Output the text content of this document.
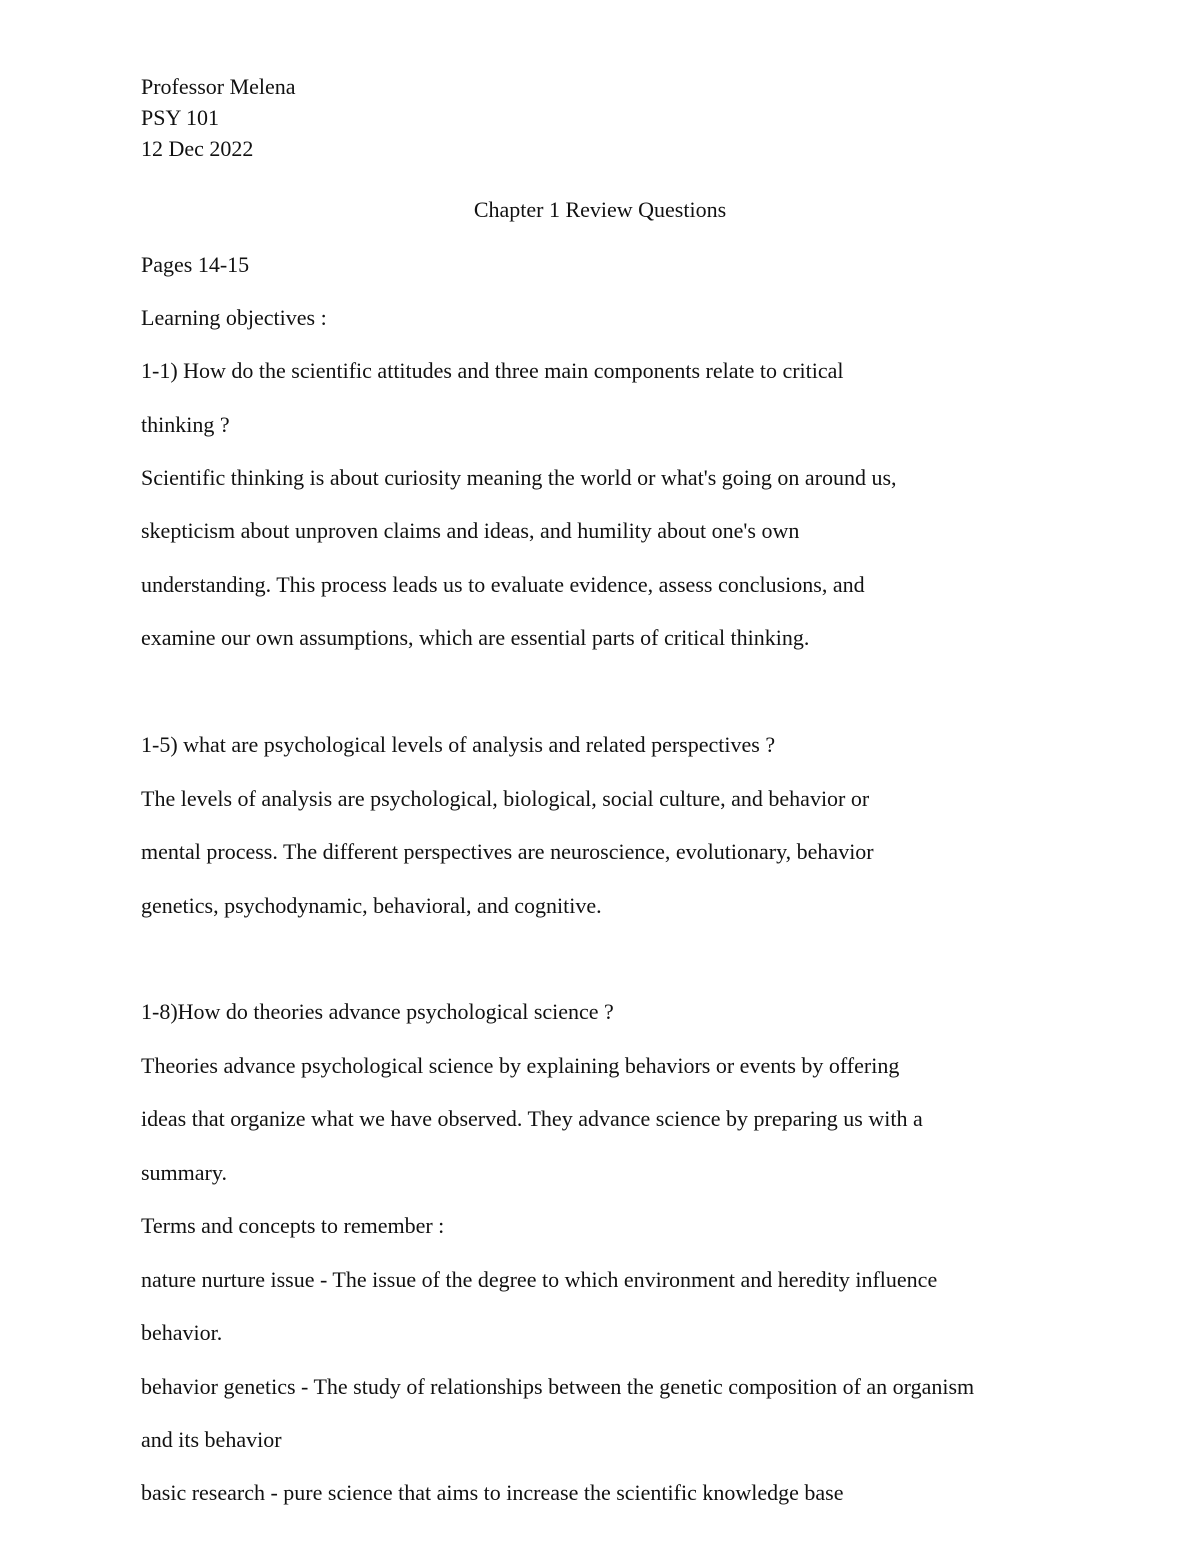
Professor Melena
PSY 101
12 Dec 2022
Chapter 1 Review Questions
Pages 14-15
Learning objectives :
1-1) How do the scientific attitudes and three main components relate to critical
thinking ?
Scientific thinking is about curiosity meaning the world or what's going on around us,
skepticism about unproven claims and ideas, and humility about one's own
understanding. This process leads us to evaluate evidence, assess conclusions, and
examine our own assumptions, which are essential parts of critical thinking.
1-5) what are psychological levels of analysis and related perspectives ?
The levels of analysis are psychological, biological, social culture, and behavior or
mental process. The different perspectives are neuroscience, evolutionary, behavior
genetics, psychodynamic, behavioral, and cognitive.
1-8)How do theories advance psychological science ?
Theories advance psychological science by explaining behaviors or events by offering
ideas that organize what we have observed. They advance science by preparing us with a
summary.
Terms and concepts to remember :
nature nurture issue - The issue of the degree to which environment and heredity influence
behavior.
behavior genetics - The study of relationships between the genetic composition of an organism
and its behavior
basic research - pure science that aims to increase the scientific knowledge base
